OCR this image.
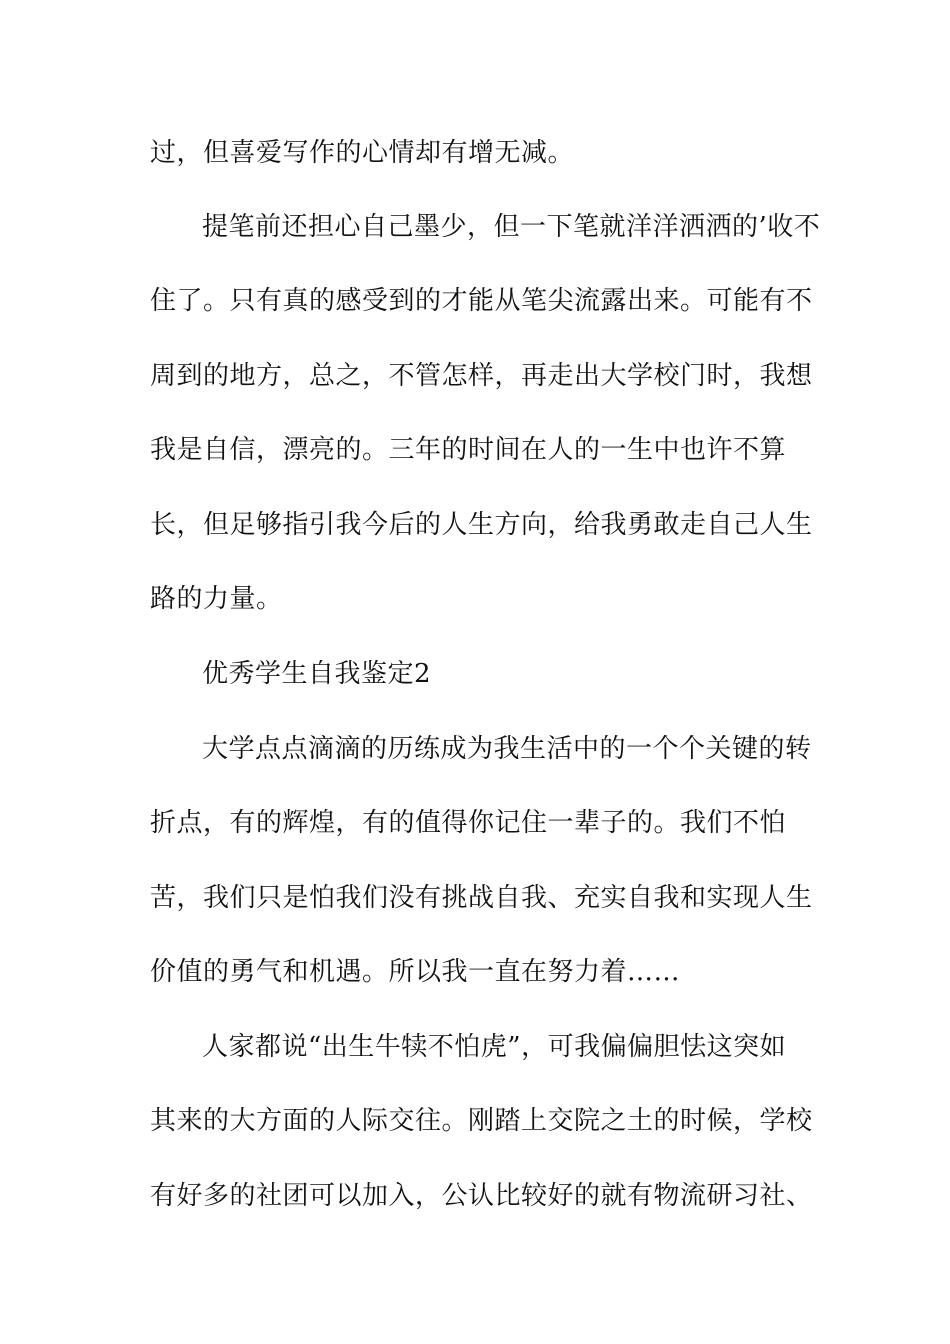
过，但喜爱写作的心情却有增无减。
提笔前还担心自己墨少，但一下笔就洋洋洒洒的’收不
住了。只有真的感受到的才能从笔尖流露出来。可能有不
周到的地方，总之，不管怎样，再走出大学校门时，我想
我是自信，漂亮的。三年的时间在人的一生中也许不算
长，但足够指引我今后的人生方向，给我勇敢走自己人生
路的力量。
优秀学生自我鉴定2
大学点点滴滴的历练成为我生活中的一个个关键的转
折点，有的辉煌，有的值得你记住一辈子的。我们不怕
苦，我们只是怕我们没有挑战自我、充实自我和实现人生
价值的勇气和机遇。所以我一直在努力着……
人家都说“出生牛犊不怕虎”，可我偏偏胆怯这突如
其来的大方面的人际交往。刚踏上交院之土的时候，学校
有好多的社团可以加入，公认比较好的就有物流研习社、
